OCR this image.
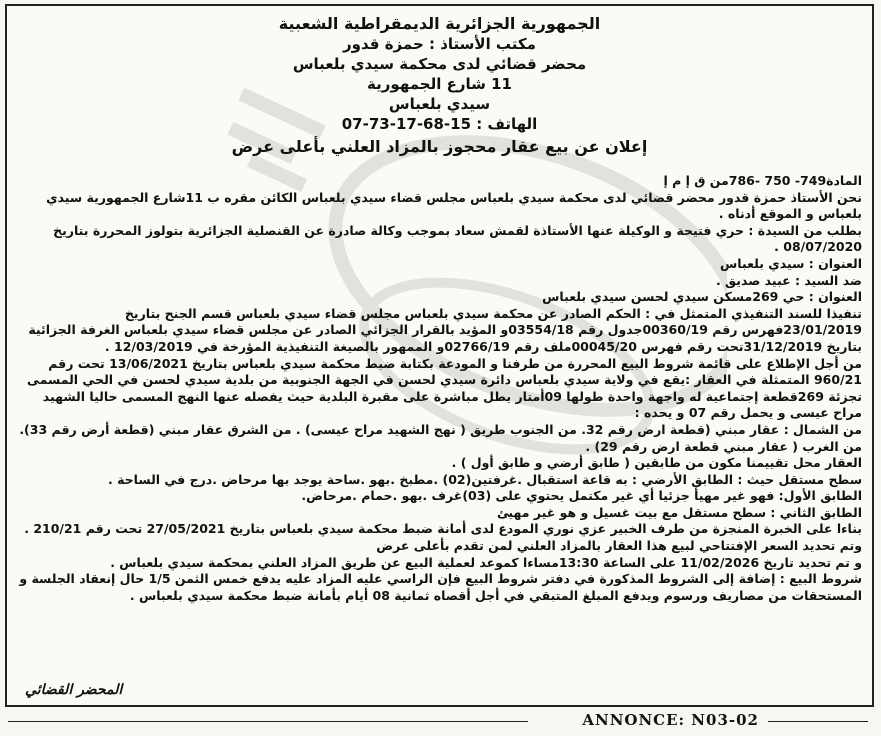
الجمهورية الجزائرية الديمقراطية الشعبية
مكتب الأستاذ : حمزة قدور
محضر قضائي لدى محكمة سيدي بلعباس
11 شارع الجمهورية
سيدي بلعباس
الهاتف : 15-68-17-73-07
إعلان عن بيع عقار محجوز بالمزاد العلني بأعلى عرض

المادة749- 750 -786من ق إ م إ

نحن الأستاذ حمزة قدور محضر قضائي لدى محكمة سيدي بلعباس مجلس قضاء سيدي بلعباس الكائن مقره ب 11شارع الجمهورية سيدي بلعباس و الموقع أدناه .

بطلب من السيدة : حري فتيحة و الوكيلة عنها الأستاذة لقمش سعاد بموجب وكالة صادرة عن القنصلية الجزائرية بتولوز المحررة بتاريخ 08/07/2020 .

العنوان : سيدي بلعباس

ضد السيد : عبيد صديق .

العنوان : حي 269مسكن سيدي لحسن سيدي بلعباس

تنفيذا للسند التنفيذي المتمثل في : الحكم الصادر عن محكمة سيدي بلعباس مجلس قضاء سيدي بلعباس قسم الجنح بتاريخ 23/01/2019فهرس رقم 00360/19جدول رقم 03554/18و المؤيد بالقرار الجزائي الصادر عن مجلس قضاء سيدي بلعباس الغرفة الجزائية بتاريخ 31/12/2019تحت رقم فهرس 00045/20ملف رقم 02766/19و الممهور بالصيغة التنفيذية المؤرخة في 12/03/2019 .

من أجل الإطلاع على قائمة شروط البيع المحررة من طرفنا و المودعة بكتابة ضبط محكمة سيدي بلعباس بتاريخ 13/06/2021 تحت رقم 960/21 المتمثلة في العقار :يقع في ولاية سيدي بلعباس دائرة سيدي لحسن في الجهة الجنوبية من بلدية سيدي لحسن في الحي المسمى تجزئة 269قطعة إجتماعية له واجهة واحدة طولها 09أمتار يطل مباشرة على مقبرة البلدية حيث يفصله عنها النهج المسمى حاليا الشهيد مراح عيسى و يحمل رقم 07 و يحده :

من الشمال : عقار مبني (قطعة ارض رقم 32. من الجنوب طريق ( نهج الشهيد مراح عيسى) . من الشرق عقار مبني (قطعة أرض رقم 33). من الغرب ( عقار مبني قطعة ارض رقم 29) .

العقار محل تقييمنا مكون من طابقين ( طابق أرضي و طابق أول ) .

سطح مستقل حيث : الطابق الأرضي : به قاعة استقبال .غرفتين(02) .مطبخ .بهو .ساحة يوجد بها مرحاض .درج في الساحة .

الطابق الأول: فهو غير مهيأ جزئيا أي غير مكتمل يحتوي على (03)غرف .بهو .حمام .مرحاض.

الطابق الثاني : سطح مستقل مع بيت غسيل و هو غير مهيئ

بناءا على الخبرة المنجزة من طرف الخبير عزي نوري المودع لدى أمانة ضبط محكمة سيدي بلعباس بتاريخ 27/05/2021 تحت رقم 210/21 .

وتم تحديد السعر الإفتتاحي لبيع هذا العقار بالمزاد العلني لمن تقدم بأعلى عرض

و تم تحديد تاريخ 11/02/2026 على الساعة 13:30مساءا كموعد لعملية البيع عن طريق المزاد العلني بمحكمة سيدي بلعباس .

شروط البيع : إضافة إلى الشروط المذكورة في دفتر شروط البيع فإن الراسي عليه المزاد عليه يدفع خمس الثمن 1/5 حال إنعقاد الجلسة و المستحقات من مصاريف ورسوم ويدفع المبلغ المتبقي في أجل أقصاه ثمانية 08 أيام بأمانة ضبط محكمة سيدي بلعباس .

المحضر القضائي
ANNONCE: N03-02
